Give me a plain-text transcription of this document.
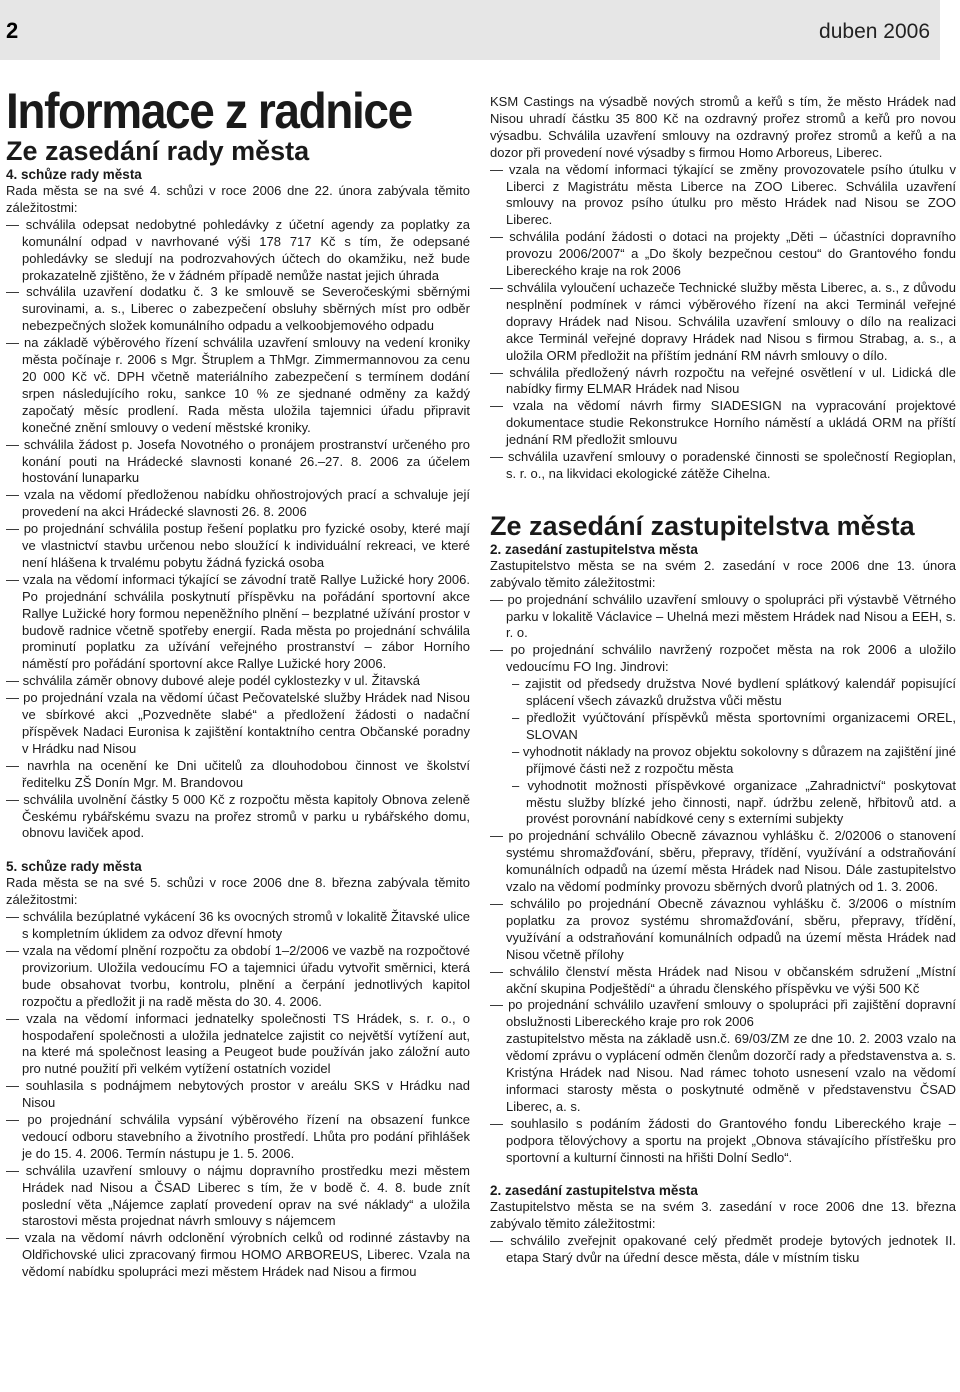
2	duben 2006
Informace z radnice
Ze zasedání rady města
4. schůze rady města

Rada města se na své 4. schůzi v roce 2006 dne 22. února zabývala těmito záležitostmi:

— schválila odepsat nedobytné pohledávky z účetní agendy za poplatky za komunální odpad v navrhované výši 178 717 Kč s tím, že odepsané pohledávky se sledují na podrozvahových účtech do okamžiku, než bude prokazatelně zjištěno, že v žádném případě nemůže nastat jejich úhrada

— schválila uzavření dodatku č. 3 ke smlouvě se Severočeskými sběrnými surovinami, a. s., Liberec o zabezpečení obsluhy sběrných míst pro odběr nebezpečných složek komunálního odpadu a velkoobjemového odpadu

— na základě výběrového řízení schválila uzavření smlouvy na vedení kroniky města počínaje r. 2006 s Mgr. Štruplem a ThMgr. Zimmermannovou za cenu 20 000 Kč vč. DPH včetně materiálního zabezpečení s termínem dodání srpen následujícího roku, sankce 10 % ze sjednané odměny za každý započatý měsíc prodlení. Rada města uložila tajemnici úřadu připravit konečné znění smlouvy o vedení městské kroniky.

— schválila žádost p. Josefa Novotného o pronájem prostranství určeného pro konání pouti na Hrádecké slavnosti konané 26.–27. 8. 2006 za účelem hostování lunaparku

— vzala na vědomí předloženou nabídku ohňostrojových prací a schvaluje její provedení na akci Hrádecké slavnosti 26. 8. 2006

— po projednání schválila postup řešení poplatku pro fyzické osoby, které mají ve vlastnictví stavbu určenou nebo sloužící k individuální rekreaci, ve které není hlášena k trvalému pobytu žádná fyzická osoba

— vzala na vědomí informaci týkající se závodní tratě Rallye Lužické hory 2006. Po projednání schválila poskytnutí příspěvku na pořádání sportovní akce Rallye Lužické hory formou nepeněžního plnění – bezplatné užívání prostor v budově radnice včetně spotřeby energií. Rada města po projednání schválila prominutí poplatku za užívání veřejného prostranství – zábor Horního náměstí pro pořádání sportovní akce Rallye Lužické hory 2006.

— schválila záměr obnovy dubové aleje podél cyklostezky v ul. Žitavská

— po projednání vzala na vědomí účast Pečovatelské služby Hrádek nad Nisou ve sbírkové akci „Pozvedněte slabé“ a předložení žádosti o nadační příspěvek Nadaci Euronisa k zajištění kontaktního centra Občanské poradny v Hrádku nad Nisou

— navrhla na ocenění ke Dni učitelů za dlouhodobou činnost ve školství ředitelku ZŠ Donín Mgr. M. Brandovou

— schválila uvolnění částky 5 000 Kč z rozpočtu města kapitoly Obnova zeleně Českému rybářskému svazu na prořez stromů v parku u rybářského domu, obnovu laviček apod.

5. schůze rady města

Rada města se na své 5. schůzi v roce 2006 dne 8. března zabývala těmito záležitostmi:

— schválila bezúplatné vykácení 36 ks ovocných stromů v lokalitě Žitavské ulice s kompletním úklidem za odvoz dřevní hmoty

— vzala na vědomí plnění rozpočtu za období 1–2/2006 ve vazbě na rozpočtové provizorium. Uložila vedoucímu FO a tajemnici úřadu vytvořit směrnici, která bude obsahovat tvorbu, kontrolu, plnění a čerpání jednotlivých kapitol rozpočtu a předložit ji na radě města do 30. 4. 2006.

— vzala na vědomí informaci jednatelky společnosti TS Hrádek, s. r. o., o hospodaření společnosti a uložila jednatelce zajistit co největší vytížení aut, na které má společnost leasing a Peugeot bude používán jako záložní auto pro nutné použití při velkém vytížení ostatních vozidel

— souhlasila s podnájmem nebytových prostor v areálu SKS v Hrádku nad Nisou

— po projednání schválila vypsání výběrového řízení na obsazení funkce vedoucí odboru stavebního a životního prostředí. Lhůta pro podání přihlášek je do 15. 4. 2006. Termín nástupu je 1. 5. 2006.

— schválila uzavření smlouvy o nájmu dopravního prostředku mezi městem Hrádek nad Nisou a ČSAD Liberec s tím, že v bodě č. 4. 8. bude znít poslední věta „Nájemce zaplatí provedení oprav na své náklady“ a uložila starostovi města projednat návrh smlouvy s nájemcem

— vzala na vědomí návrh odclonění výrobních celků od rodinné zástavby na Oldřichovské ulici zpracovaný firmou HOMO ARBOREUS, Liberec. Vzala na vědomí nabídku spolupráci mezi městem Hrádek nad Nisou a firmou

KSM Castings na výsadbě nových stromů a keřů s tím, že město Hrádek nad Nisou uhradí částku 35 800 Kč na ozdravný prořez stromů a keřů pro novou výsadbu. Schválila uzavření smlouvy na ozdravný prořez stromů a keřů a na dozor při provedení nové výsadby s firmou Homo Arboreus, Liberec.

— vzala na vědomí informaci týkající se změny provozovatele psího útulku v Liberci z Magistrátu města Liberce na ZOO Liberec. Schválila uzavření smlouvy na provoz psího útulku pro město Hrádek nad Nisou se ZOO Liberec.

— schválila podání žádosti o dotaci na projekty „Děti – účastníci dopravního provozu 2006/2007“ a „Do školy bezpečnou cestou“ do Grantového fondu Libereckého kraje na rok 2006

— schválila vyloučení uchazeče Technické služby města Liberec, a. s., z důvodu nesplnění podmínek v rámci výběrového řízení na akci Terminál veřejné dopravy Hrádek nad Nisou. Schválila uzavření smlouvy o dílo na realizaci akce Terminál veřejné dopravy Hrádek nad Nisou s firmou Strabag, a. s., a uložila ORM předložit na příštím jednání RM návrh smlouvy o dílo.

— schválila předložený návrh rozpočtu na veřejné osvětlení v ul. Lidická dle nabídky firmy ELMAR Hrádek nad Nisou

— vzala na vědomí návrh firmy SIADESIGN na vypracování projektové dokumentace studie Rekonstrukce Horního náměstí a ukládá ORM na příští jednání RM předložit smlouvu

— schválila uzavření smlouvy o poradenské činnosti se společností Regioplan, s. r. o., na likvidaci ekologické zátěže Cihelna.

Ze zasedání zastupitelstva města
2. zasedání zastupitelstva města

Zastupitelstvo města se na svém 2. zasedání v roce 2006 dne 13. února zabývalo těmito záležitostmi:

— po projednání schválilo uzavření smlouvy o spolupráci při výstavbě Větrného parku v lokalitě Václavice – Uhelná mezi městem Hrádek nad Nisou a EEH, s. r. o.

— po projednání schválilo navržený rozpočet města na rok 2006 a uložilo vedoucímu FO Ing. Jindrovi:

– zajistit od předsedy družstva Nové bydlení splátkový kalendář popisující splácení všech závazků družstva vůči městu

– předložit vyúčtování příspěvků města sportovními organizacemi OREL, SLOVAN

– vyhodnotit náklady na provoz objektu sokolovny s důrazem na zajištění jiné příjmové části než z rozpočtu města

– vyhodnotit možnosti příspěvkové organizace „Zahradnictví“ poskytovat městu služby blízké jeho činnosti, např. údržbu zeleně, hřbitovů atd. a provést porovnání nabídkové ceny s externími subjekty

— po projednání schválilo Obecně závaznou vyhlášku č. 2/02006 o stanovení systému shromažďování, sběru, přepravy, třídění, využívání a odstraňování komunálních odpadů na území města Hrádek nad Nisou. Dále zastupitelstvo vzalo na vědomí podmínky provozu sběrných dvorů platných od 1. 3. 2006.

— schválilo po projednání Obecně závaznou vyhlášku č. 3/2006 o místním poplatku za provoz systému shromažďování, sběru, přepravy, třídění, využívání a odstraňování komunálních odpadů na území města Hrádek nad Nisou včetně přílohy

— schválilo členství města Hrádek nad Nisou v občanském sdružení „Místní akční skupina Podještědí“ a úhradu členského příspěvku ve výši 500 Kč

— po projednání schválilo uzavření smlouvy o spolupráci při zajištění dopravní obslužnosti Libereckého kraje pro rok 2006

zastupitelstvo města na základě usn.č. 69/03/ZM ze dne 10. 2. 2003 vzalo na vědomí zprávu o vyplácení odměn členům dozorčí rady a představenstva a. s. Kristýna Hrádek nad Nisou. Nad rámec tohoto usnesení vzalo na vědomí informaci starosty města o poskytnuté odměně v představenstvu ČSAD Liberec, a. s.

— souhlasilo s podáním žádosti do Grantového fondu Libereckého kraje – podpora tělovýchovy a sportu na projekt „Obnova stávajícího přístřešku pro sportovní a kulturní činnosti na hřišti Dolní Sedlo“.

2. zasedání zastupitelstva města

Zastupitelstvo města se na svém 3. zasedání v roce 2006 dne 13. března zabývalo těmito záležitostmi:

— schválilo zveřejnit opakované celý předmět prodeje bytových jednotek II. etapa Starý dvůr na úřední desce města, dále v místním tisku
